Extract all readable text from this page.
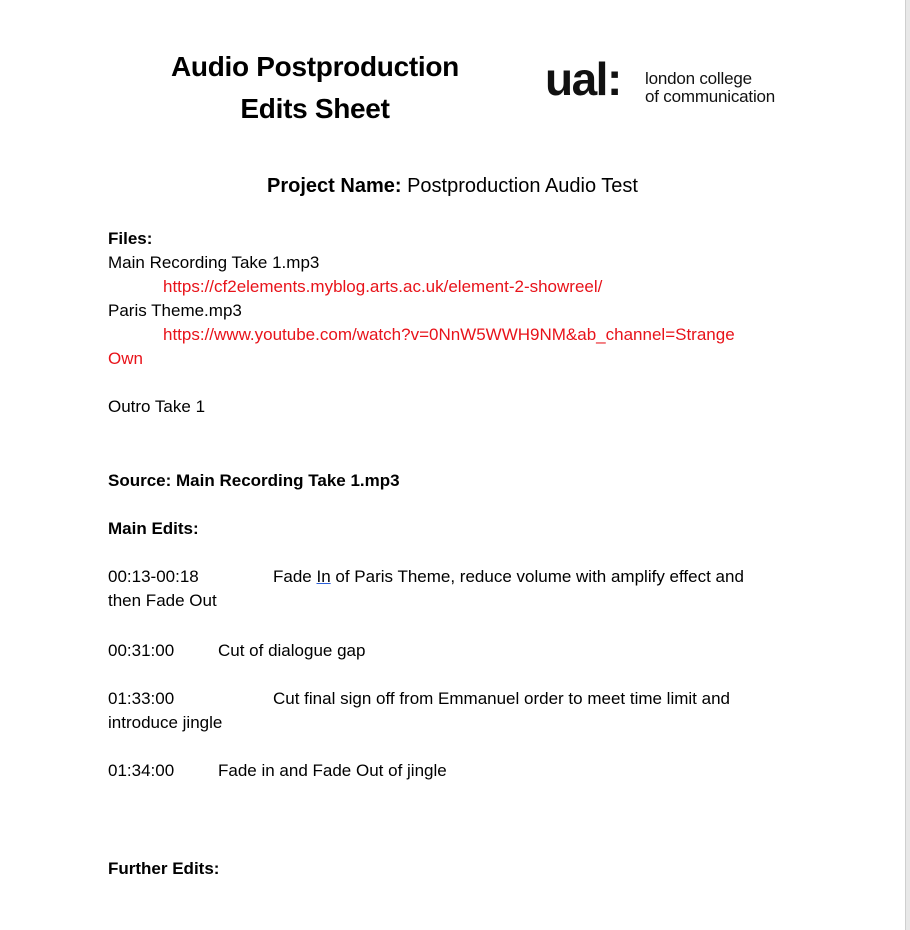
Audio Postproduction
Edits Sheet
ual: london college
of communication
Project Name: Postproduction Audio Test
Files:
Main Recording Take 1.mp3
https://cf2elements.myblog.arts.ac.uk/element-2-showreel/
Paris Theme.mp3
https://www.youtube.com/watch?v=0NnW5WWH9NM&ab_channel=Strange
Own
Outro Take 1
Source: Main Recording Take 1.mp3
Main Edits:
00:13-00:18	Fade In of Paris Theme, reduce volume with amplify effect and
then Fade Out
00:31:00	Cut of dialogue gap
01:33:00	Cut final sign off from Emmanuel order to meet time limit and
introduce jingle
01:34:00	Fade in and Fade Out of jingle
Further Edits:
